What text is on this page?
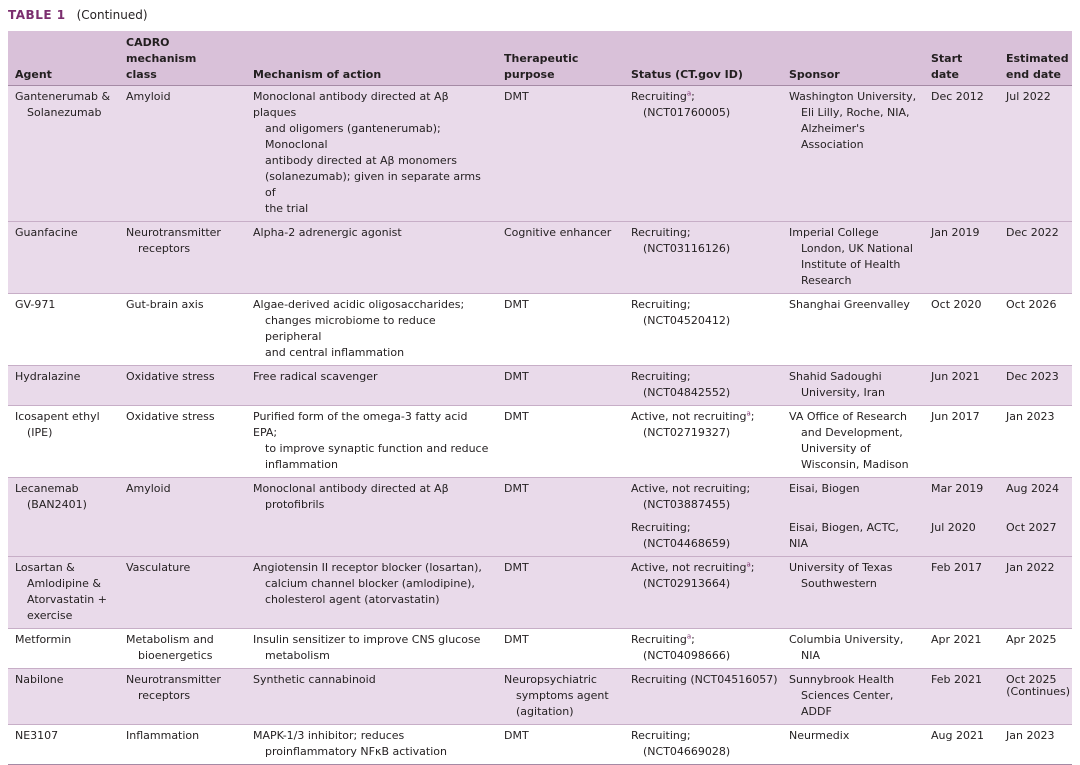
TABLE 1 (Continued)
Agent	CADRO mechanism
class	Mechanism of action	Therapeutic purpose	Status (CT.gov ID)	Sponsor	Start date	Estimated
end date

Gantenerumab &
Solanezumab	Amyloid	Monoclonal antibody directed at Aβ plaques
and oligomers (gantenerumab); Monoclonal
antibody directed at Aβ monomers
(solanezumab); given in separate arms of
the trial	DMT	Recruiting$^a$;
(NCT01760005)	Washington University,
Eli Lilly, Roche, NIA,
Alzheimer's
Association	Dec 2012	Jul 2022

Guanfacine	Neurotransmitter
receptors	Alpha-2 adrenergic agonist	Cognitive enhancer	Recruiting;
(NCT03116126)	Imperial College
London, UK National
Institute of Health
Research	Jan 2019	Dec 2022

GV-971	Gut-brain axis	Algae-derived acidic oligosaccharides;
changes microbiome to reduce peripheral
and central inflammation	DMT	Recruiting;
(NCT04520412)	Shanghai Greenvalley	Oct 2020	Oct 2026

Hydralazine	Oxidative stress	Free radical scavenger	DMT	Recruiting;
(NCT04842552)	Shahid Sadoughi
University, Iran	Jun 2021	Dec 2023

Icosapent ethyl
(IPE)	Oxidative stress	Purified form of the omega-3 fatty acid EPA;
to improve synaptic function and reduce
inflammation	DMT	Active, not recruiting$^a$;
(NCT02719327)	VA Office of Research
and Development,
University of
Wisconsin, Madison	Jun 2017	Jan 2023

Lecanemab
(BAN2401)	Amyloid	Monoclonal antibody directed at Aβ
protofibrils	DMT	Active, not recruiting;
(NCT03887455)	Eisai, Biogen	Mar 2019	Aug 2024

				Recruiting;
(NCT04468659)	Eisai, Biogen, ACTC, NIA	Jul 2020	Oct 2027

Losartan &
Amlodipine &
Atorvastatin +
exercise	Vasculature	Angiotensin II receptor blocker (losartan),
calcium channel blocker (amlodipine),
cholesterol agent (atorvastatin)	DMT	Active, not recruiting$^a$;
(NCT02913664)	University of Texas
Southwestern	Feb 2017	Jan 2022

Metformin	Metabolism and
bioenergetics	Insulin sensitizer to improve CNS glucose
metabolism	DMT	Recruiting$^a$;
(NCT04098666)	Columbia University,
NIA	Apr 2021	Apr 2025

Nabilone	Neurotransmitter
receptors	Synthetic cannabinoid	Neuropsychiatric
symptoms agent
(agitation)	Recruiting (NCT04516057)	Sunnybrook Health
Sciences Center,
ADDF	Feb 2021	Oct 2025

NE3107	Inflammation	MAPK-1/3 inhibitor; reduces
proinflammatory NFκB activation	DMT	Recruiting;
(NCT04669028)	Neurmedix	Aug 2021	Jan 2023
(Continues)
